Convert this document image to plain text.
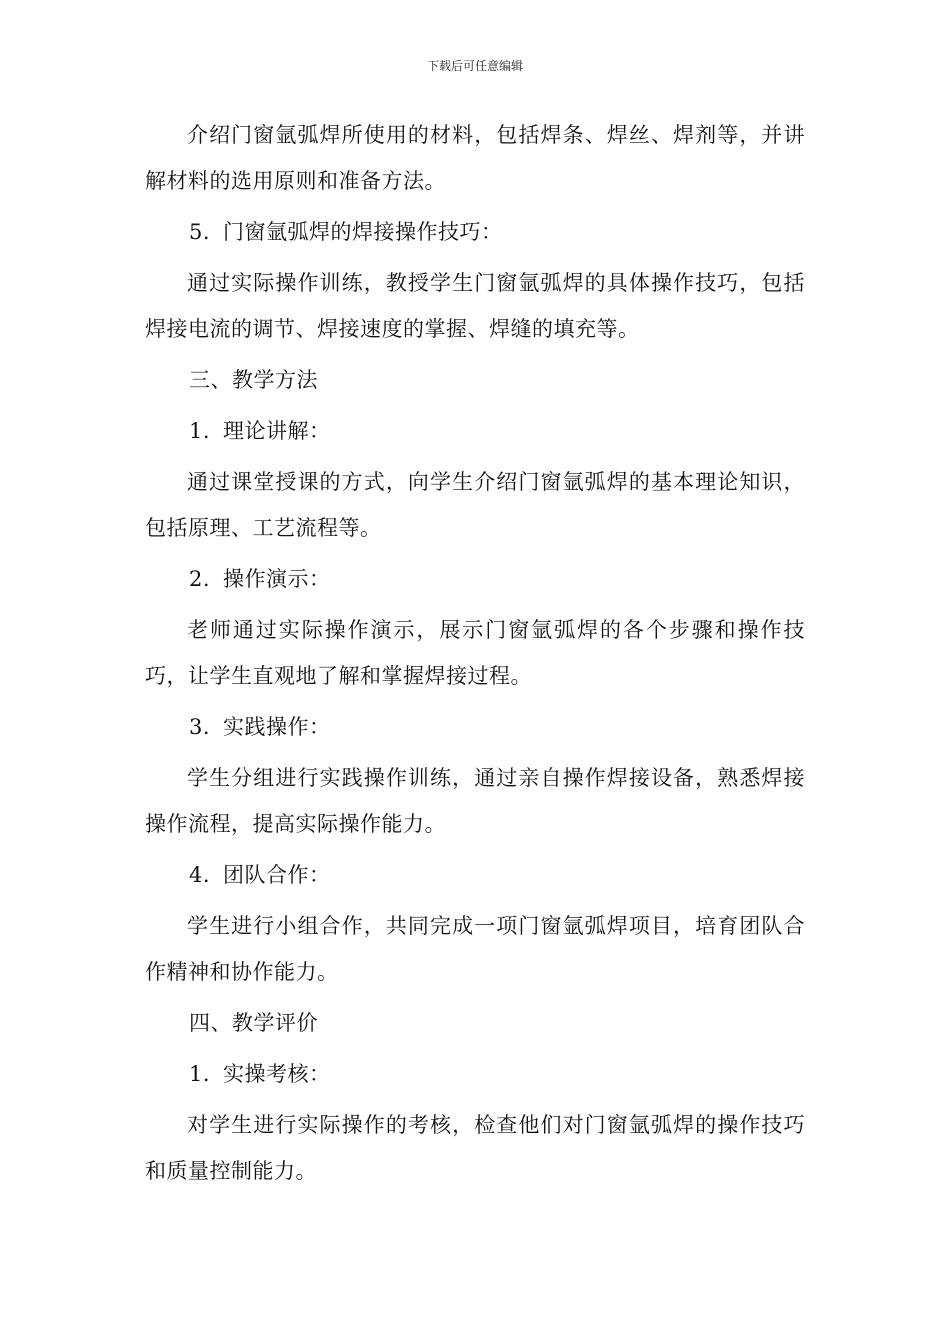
下载后可任意编辑

介绍门窗氩弧焊所使用的材料，包括焊条、焊丝、焊剂等，并讲解材料的选用原则和准备方法。

5. 门窗氩弧焊的焊接操作技巧：

通过实际操作训练，教授学生门窗氩弧焊的具体操作技巧，包括焊接电流的调节、焊接速度的掌握、焊缝的填充等。

三、教学方法
1. 理论讲解：

通过课堂授课的方式，向学生介绍门窗氩弧焊的基本理论知识，包括原理、工艺流程等。

2. 操作演示：

老师通过实际操作演示，展示门窗氩弧焊的各个步骤和操作技巧，让学生直观地了解和掌握焊接过程。

3. 实践操作：

学生分组进行实践操作训练，通过亲自操作焊接设备，熟悉焊接操作流程，提高实际操作能力。

4. 团队合作：

学生进行小组合作，共同完成一项门窗氩弧焊项目，培育团队合作精神和协作能力。

四、教学评价
1. 实操考核：

对学生进行实际操作的考核，检查他们对门窗氩弧焊的操作技巧和质量控制能力。
